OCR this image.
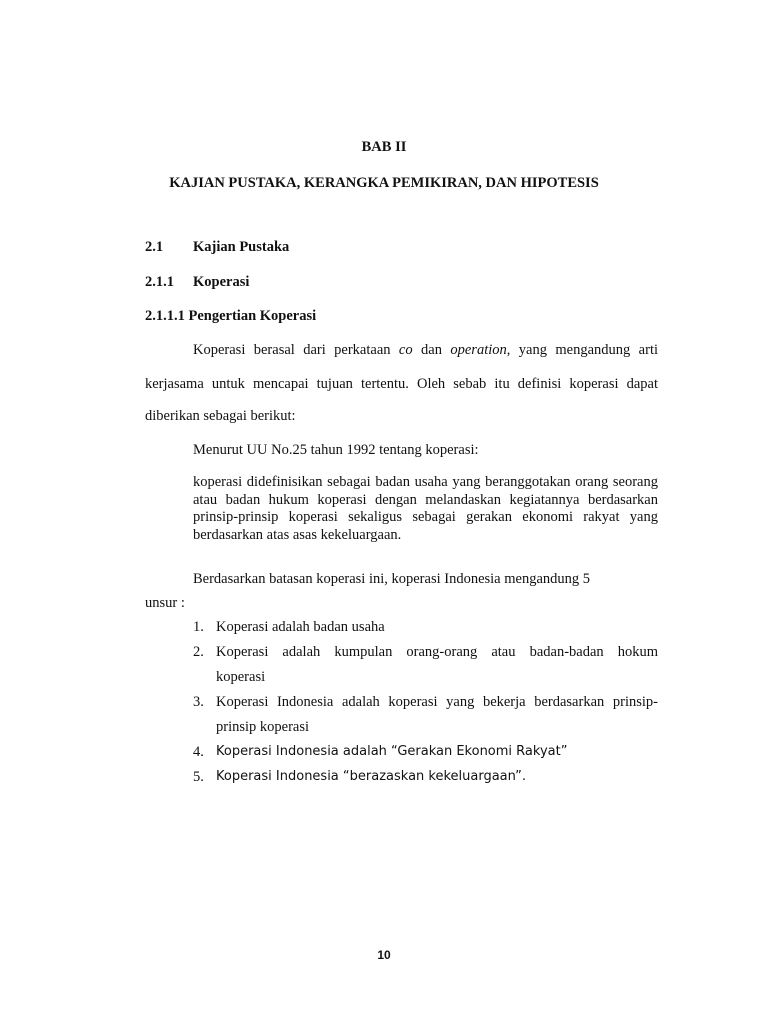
BAB II
KAJIAN PUSTAKA, KERANGKA PEMIKIRAN, DAN HIPOTESIS
2.1 Kajian Pustaka
2.1.1 Koperasi
2.1.1.1 Pengertian Koperasi
Koperasi berasal dari perkataan co dan operation, yang mengandung arti
kerjasama untuk mencapai tujuan tertentu. Oleh sebab itu definisi koperasi dapat
diberikan sebagai berikut:
Menurut UU No.25 tahun 1992 tentang koperasi:
koperasi didefinisikan sebagai badan usaha yang beranggotakan orang seorang atau badan hukum koperasi dengan melandaskan kegiatannya berdasarkan prinsip-prinsip koperasi sekaligus sebagai gerakan ekonomi rakyat yang berdasarkan atas asas kekeluargaan.
Berdasarkan batasan koperasi ini, koperasi Indonesia mengandung 5
unsur :
1. Koperasi adalah badan usaha
2. Koperasi adalah kumpulan orang-orang atau badan-badan hokum
koperasi
3. Koperasi Indonesia adalah koperasi yang bekerja berdasarkan prinsip-
prinsip koperasi
4. Koperasi Indonesia adalah “Gerakan Ekonomi Rakyat”
5. Koperasi Indonesia “berazaskan kekeluargaan”.
10
